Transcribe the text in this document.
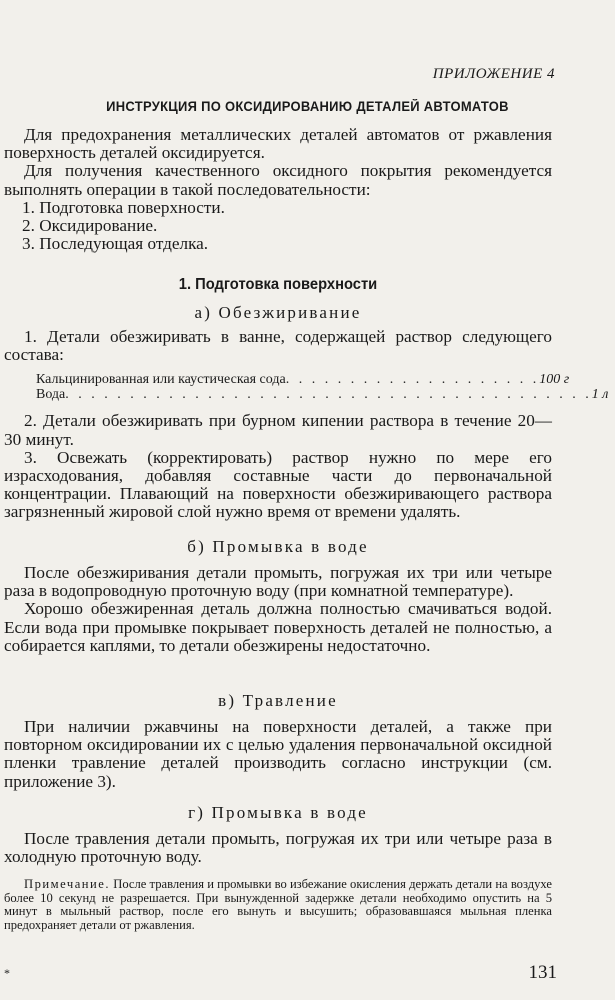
ПРИЛОЖЕНИЕ 4
ИНСТРУКЦИЯ ПО ОКСИДИРОВАНИЮ ДЕТАЛЕЙ АВТОМАТОВ

Для предохранения металлических деталей автоматов от ржавления поверхность деталей оксидируется.

Для получения качественного оксидного покрытия рекомендуется выполнять операции в такой последовательности:

1. Подготовка поверхности.
2. Оксидирование.
3. Последующая отделка.
1. Подготовка поверхности
а) Обезжиривание

1. Детали обезжиривать в ванне, содержащей раствор следующего состава:

Кальцинированная или каустическая сода . . . . . . . . . . . . . . . . . . . . 100 г
Вода . . . . . . . . . . . . . . . . . . . . . . . . . . . . . . . . . . . . . . . . . 1 л

2. Детали обезжиривать при бурном кипении раствора в течение 20—30 минут.

3. Освежать (корректировать) раствор нужно по мере его израсходования, добавляя составные части до первоначальной концентрации. Плавающий на поверхности обезжиривающего раствора загрязненный жировой слой нужно время от времени удалять.

б) Промывка в воде

После обезжиривания детали промыть, погружая их три или четыре раза в водопроводную проточную воду (при комнатной температуре).

Хорошо обезжиренная деталь должна полностью смачиваться водой. Если вода при промывке покрывает поверхность деталей не полностью, а собирается каплями, то детали обезжирены недостаточно.

в) Травление

При наличии ржавчины на поверхности деталей, а также при повторном оксидировании их с целью удаления первоначальной оксидной пленки травление деталей производить согласно инструкции (см. приложение 3).

г) Промывка в воде

После травления детали промыть, погружая их три или четыре раза в холодную проточную воду.

Примечание. После травления и промывки во избежание окисления держать детали на воздухе более 10 секунд не разрешается. При вынужденной задержке детали необходимо опустить на 5 минут в мыльный раствор, после его вынуть и высушить; образовавшаяся мыльная пленка предохраняет детали от ржавления.

*	131
